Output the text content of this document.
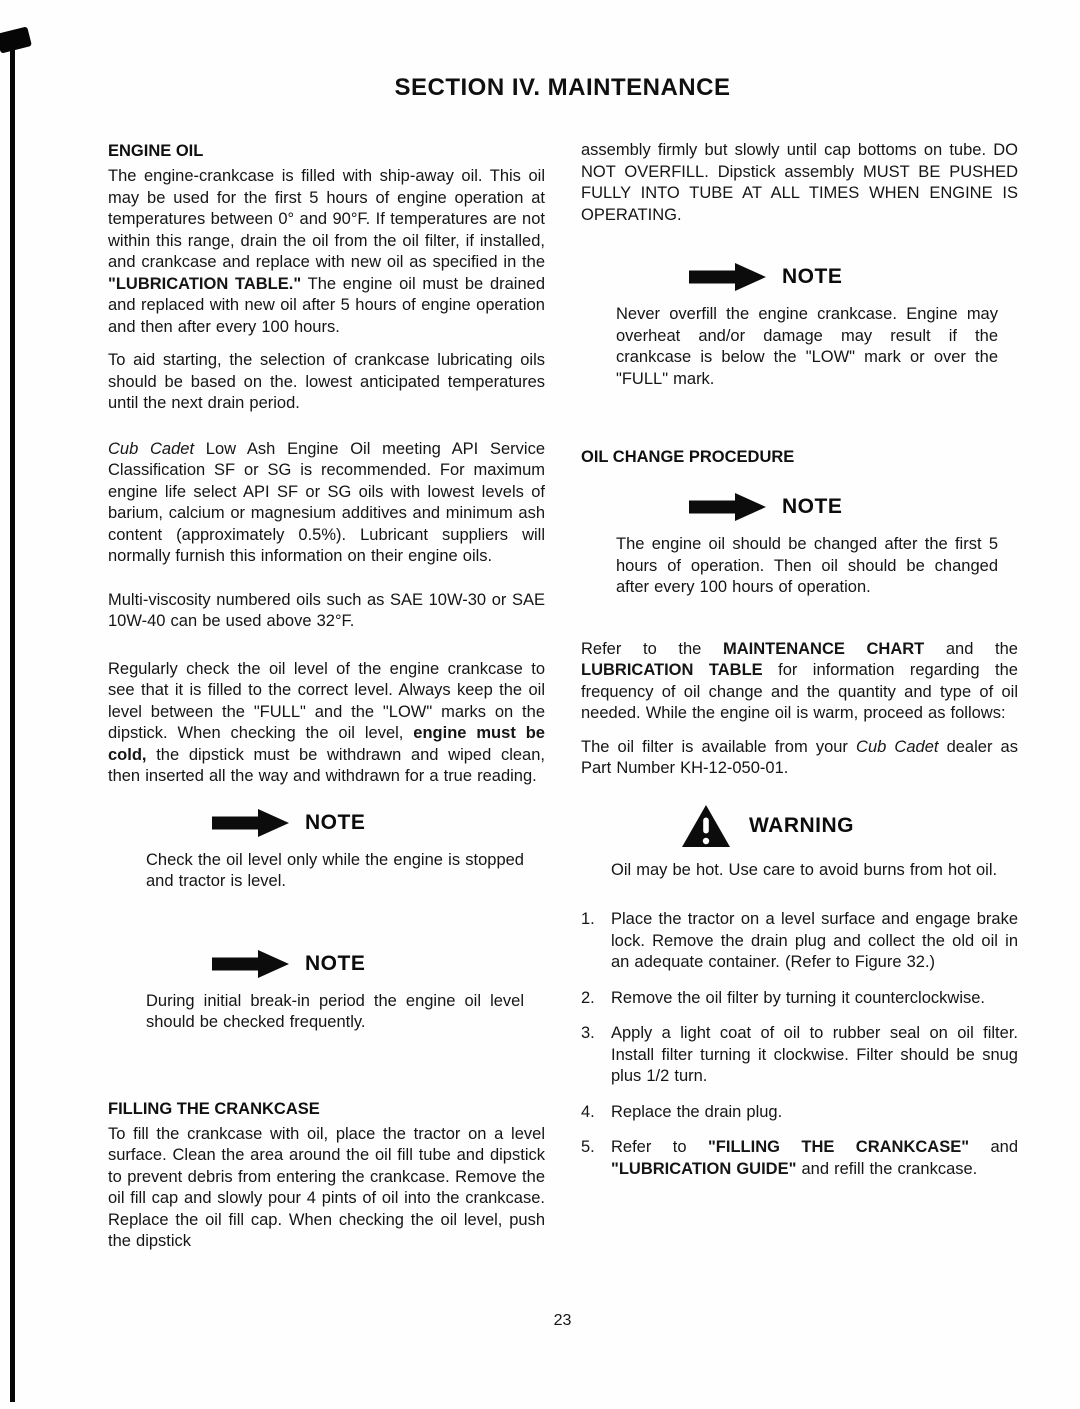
SECTION IV. MAINTENANCE
ENGINE OIL

The engine-crankcase is filled with ship-away oil. This oil may be used for the first 5 hours of engine operation at temperatures between 0° and 90°F. If temperatures are not within this range, drain the oil from the oil filter, if installed, and crankcase and replace with new oil as specified in the "LUBRICATION TABLE." The engine oil must be drained and replaced with new oil after 5 hours of engine operation and then after every 100 hours.

To aid starting, the selection of crankcase lubricating oils should be based on the. lowest anticipated temperatures until the next drain period.

Cub Cadet Low Ash Engine Oil meeting API Service Classification SF or SG is recommended. For maximum engine life select API SF or SG oils with lowest levels of barium, calcium or magnesium additives and minimum ash content (approximately 0.5%). Lubricant suppliers will normally furnish this information on their engine oils.

Multi-viscosity numbered oils such as SAE 10W-30 or SAE 10W-40 can be used above 32°F.

Regularly check the oil level of the engine crankcase to see that it is filled to the correct level. Always keep the oil level between the "FULL" and the "LOW" marks on the dipstick. When checking the oil level, engine must be cold, the dipstick must be withdrawn and wiped clean, then inserted all the way and withdrawn for a true reading.

NOTE

Check the oil level only while the engine is stopped and tractor is level.

NOTE

During initial break-in period the engine oil level should be checked frequently.

FILLING THE CRANKCASE

To fill the crankcase with oil, place the tractor on a level surface. Clean the area around the oil fill tube and dipstick to prevent debris from entering the crankcase. Remove the oil fill cap and slowly pour 4 pints of oil into the crankcase. Replace the oil fill cap. When checking the oil level, push the dipstick

assembly firmly but slowly until cap bottoms on tube. DO NOT OVERFILL. Dipstick assembly MUST BE PUSHED FULLY INTO TUBE AT ALL TIMES WHEN ENGINE IS OPERATING.

NOTE

Never overfill the engine crankcase. Engine may overheat and/or damage may result if the crankcase is below the "LOW" mark or over the "FULL" mark.

OIL CHANGE PROCEDURE
NOTE

The engine oil should be changed after the first 5 hours of operation. Then oil should be changed after every 100 hours of operation.

Refer to the MAINTENANCE CHART and the LUBRICATION TABLE for information regarding the frequency of oil change and the quantity and type of oil needed. While the engine oil is warm, proceed as follows:

The oil filter is available from your Cub Cadet dealer as Part Number KH-12-050-01.

WARNING

Oil may be hot. Use care to avoid burns from hot oil.

1. Place the tractor on a level surface and engage brake lock. Remove the drain plug and collect the old oil in an adequate container. (Refer to Figure 32.)
2. Remove the oil filter by turning it counterclockwise.
3. Apply a light coat of oil to rubber seal on oil filter. Install filter turning it clockwise. Filter should be snug plus 1/2 turn.
4. Replace the drain plug.
5. Refer to "FILLING THE CRANKCASE" and "LUBRICATION GUIDE" and refill the crankcase.
23
